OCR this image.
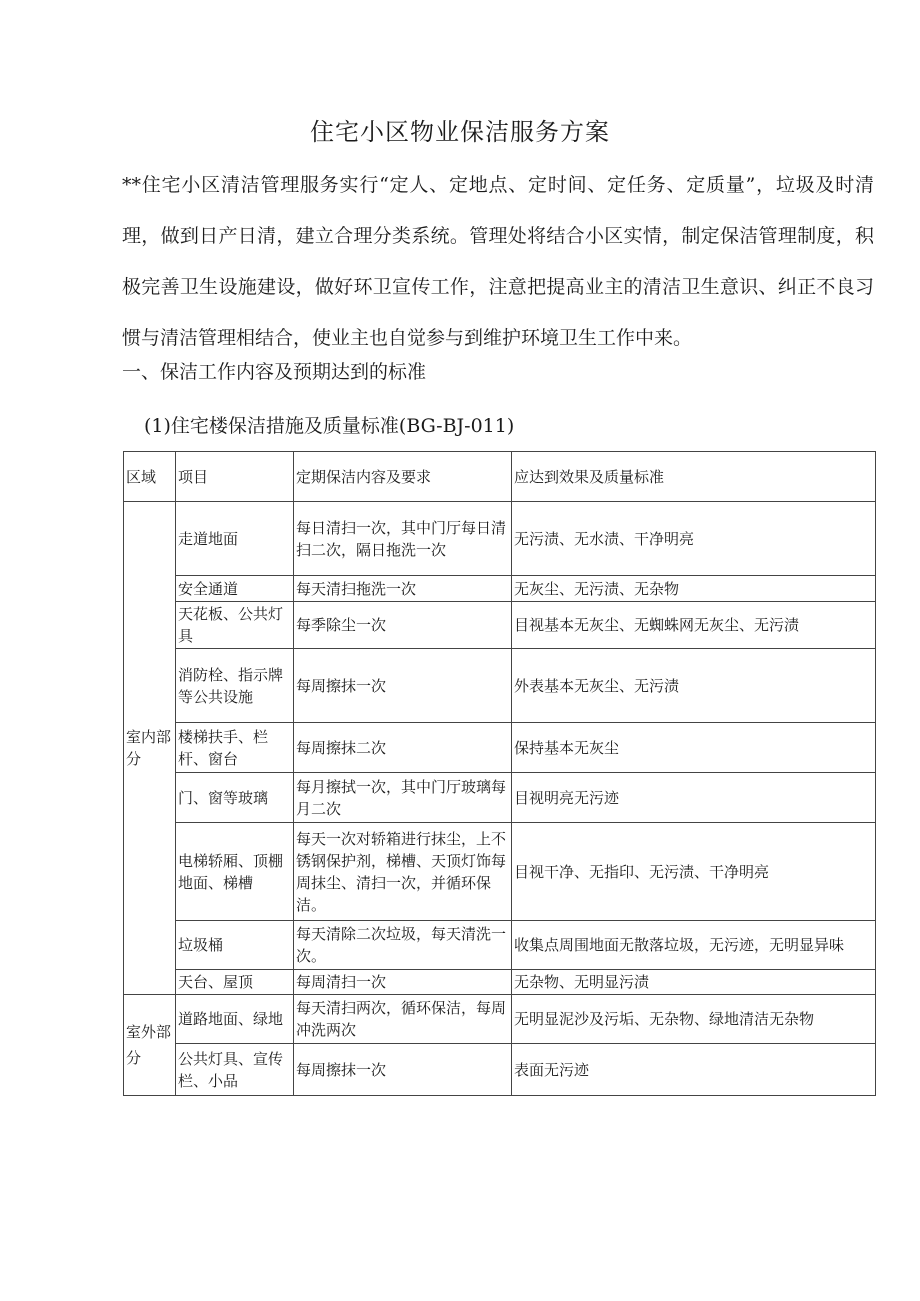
住宅小区物业保洁服务方案
**住宅小区清洁管理服务实行“定人、定地点、定时间、定任务、定质量”，垃圾及时清理，做到日产日清，建立合理分类系统。管理处将结合小区实情，制定保洁管理制度，积极完善卫生设施建设，做好环卫宣传工作，注意把提高业主的清洁卫生意识、纠正不良习惯与清洁管理相结合，使业主也自觉参与到维护环境卫生工作中来。
一、保洁工作内容及预期达到的标准
(1)住宅楼保洁措施及质量标准(BG-BJ-011)
区域	项目	定期保洁内容及要求	应达到效果及质量标准
室内部分	走道地面	每日清扫一次，其中门厅每日清扫二次，隔日拖洗一次	无污渍、无水渍、干净明亮
	安全通道	每天清扫拖洗一次	无灰尘、无污渍、无杂物
	天花板、公共灯具	每季除尘一次	目视基本无灰尘、无蜘蛛网无灰尘、无污渍
	消防栓、指示牌等公共设施	每周擦抹一次	外表基本无灰尘、无污渍
	楼梯扶手、栏杆、窗台	每周擦抹二次	保持基本无灰尘
	门、窗等玻璃	每月擦拭一次，其中门厅玻璃每月二次	目视明亮无污迹
	电梯轿厢、顶棚地面、梯槽	每天一次对轿箱进行抹尘，上不锈钢保护剂，梯槽、天顶灯饰每周抹尘、清扫一次，并循环保洁。	目视干净、无指印、无污渍、干净明亮
	垃圾桶	每天清除二次垃圾，每天清洗一次。	收集点周围地面无散落垃圾，无污迹，无明显异味
	天台、屋顶	每周清扫一次	无杂物、无明显污渍
室外部分	道路地面、绿地	每天清扫两次，循环保洁，每周冲洗两次	无明显泥沙及污垢、无杂物、绿地清洁无杂物
	公共灯具、宣传栏、小品	每周擦抹一次	表面无污迹
